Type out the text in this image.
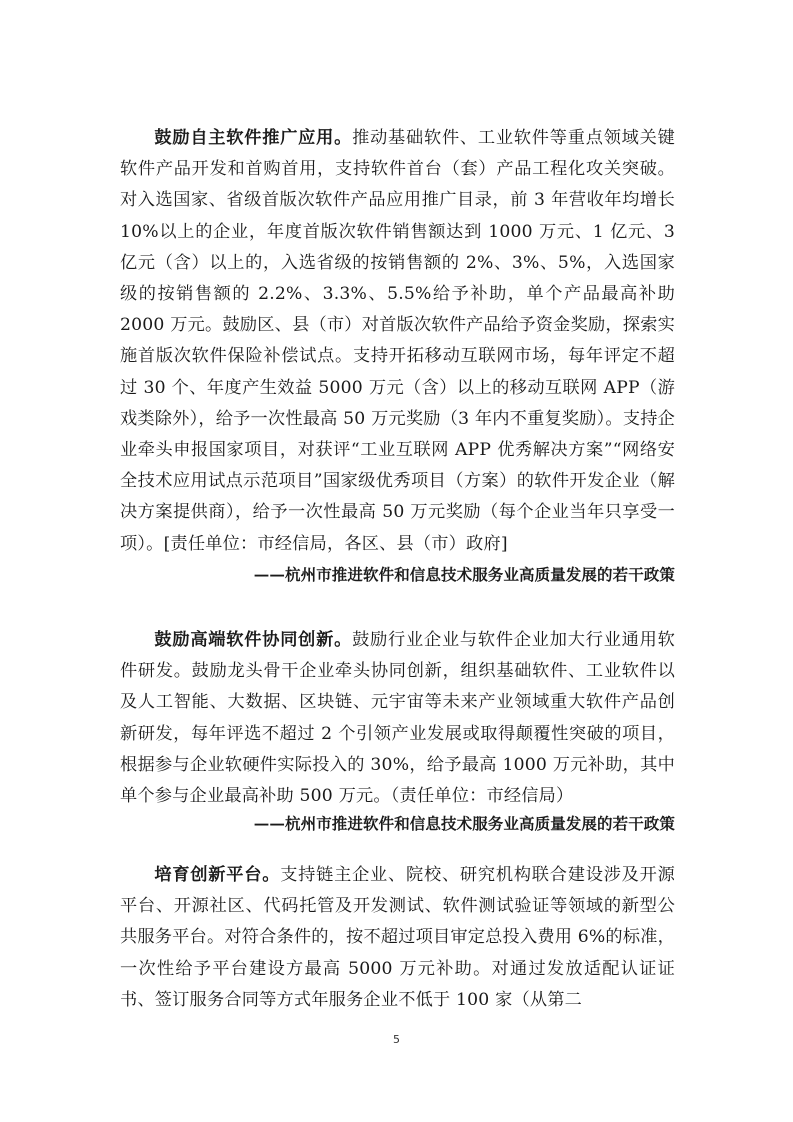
鼓励自主软件推广应用。推动基础软件、工业软件等重点领域关键软件产品开发和首购首用，支持软件首台（套）产品工程化攻关突破。对入选国家、省级首版次软件产品应用推广目录，前 3 年营收年均增长 10%以上的企业，年度首版次软件销售额达到 1000 万元、1 亿元、3 亿元（含）以上的，入选省级的按销售额的 2%、3%、5%，入选国家级的按销售额的 2.2%、3.3%、5.5%给予补助，单个产品最高补助 2000 万元。鼓励区、县（市）对首版次软件产品给予资金奖励，探索实施首版次软件保险补偿试点。支持开拓移动互联网市场，每年评定不超过 30 个、年度产生效益 5000 万元（含）以上的移动互联网 APP（游戏类除外），给予一次性最高 50 万元奖励（3 年内不重复奖励）。支持企业牵头申报国家项目，对获评“工业互联网 APP 优秀解决方案”“网络安全技术应用试点示范项目”国家级优秀项目（方案）的软件开发企业（解决方案提供商），给予一次性最高 50 万元奖励（每个企业当年只享受一项）。[责任单位：市经信局，各区、县（市）政府]

——杭州市推进软件和信息技术服务业高质量发展的若干政策

鼓励高端软件协同创新。鼓励行业企业与软件企业加大行业通用软件研发。鼓励龙头骨干企业牵头协同创新，组织基础软件、工业软件以及人工智能、大数据、区块链、元宇宙等未来产业领域重大软件产品创新研发，每年评选不超过 2 个引领产业发展或取得颠覆性突破的项目，根据参与企业软硬件实际投入的 30%，给予最高 1000 万元补助，其中单个参与企业最高补助 500 万元。（责任单位：市经信局）

——杭州市推进软件和信息技术服务业高质量发展的若干政策

培育创新平台。支持链主企业、院校、研究机构联合建设涉及开源平台、开源社区、代码托管及开发测试、软件测试验证等领域的新型公共服务平台。对符合条件的，按不超过项目审定总投入费用 6%的标准，一次性给予平台建设方最高 5000 万元补助。对通过发放适配认证证书、签订服务合同等方式年服务企业不低于 100 家（从第二

5
